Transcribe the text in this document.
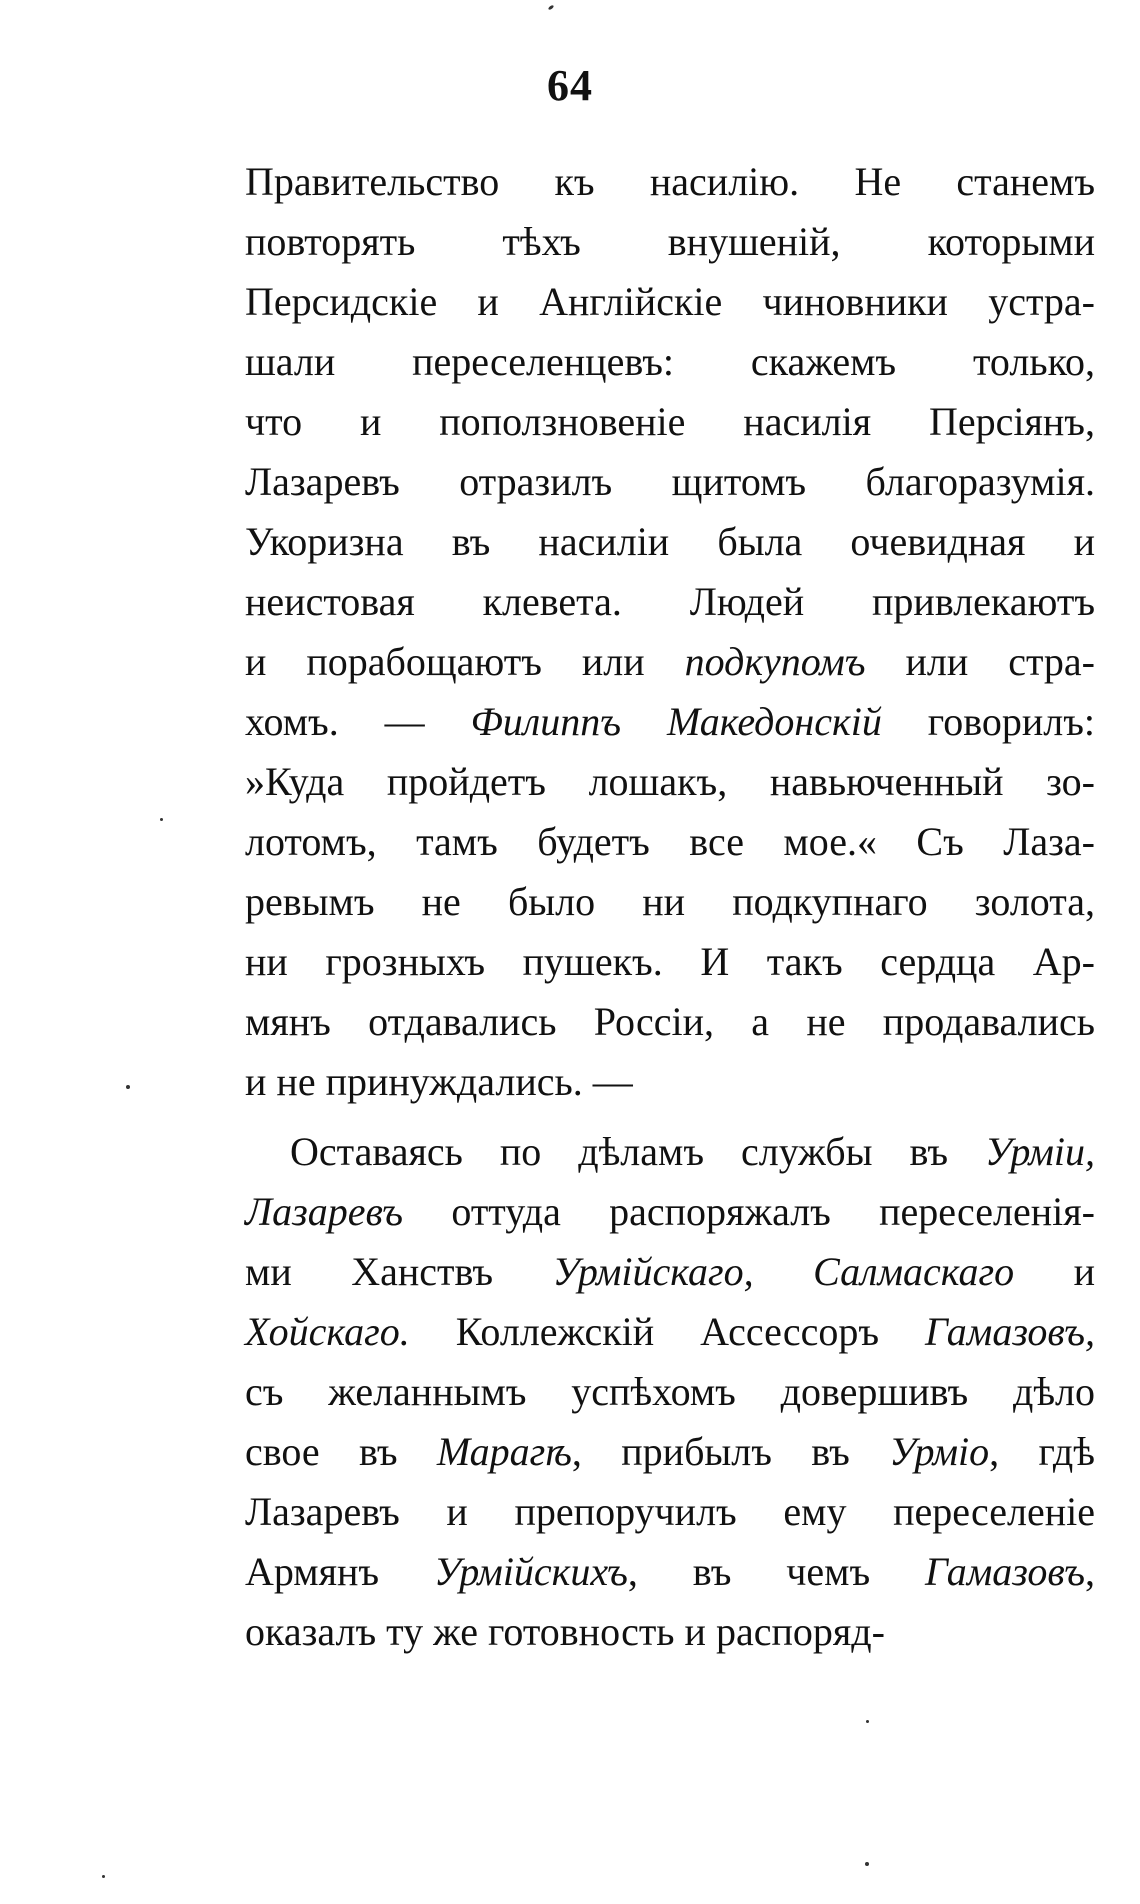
64
Правительство къ насилію. Не станемъ
повторять тѣхъ внушеній, которыми
Персидскіе и Англійскіе чиновники устра-
шали переселенцевъ: скажемъ только,
что и поползновеніе насилія Персіянъ,
Лазаревъ отразилъ щитомъ благоразумія.
Укоризна въ насиліи была очевидная и
неистовая клевета. Людей привлекаютъ
и порабощаютъ или подкупомъ или стра-
хомъ. — Филиппъ Македонскій говорилъ:
»Куда пройдетъ лошакъ, навьюченный зо-
лотомъ, тамъ будетъ все мое.« Съ Лаза-
ревымъ не было ни подкупнаго золота,
ни грозныхъ пушекъ. И такъ сердца Ар-
мянъ отдавались Россіи, а не продавались
и не принуждались. —
Оставаясь по дѣламъ службы въ Урміи,
Лазаревъ оттуда распоряжалъ переселенія-
ми Ханствъ Урмійскаго, Салмаскаго и
Хойскаго. Коллежскій Ассессоръ Гамазовъ,
съ желаннымъ успѣхомъ довершивъ дѣло
свое въ Марагѣ, прибылъ въ Урміо, гдѣ
Лазаревъ и препоручилъ ему переселеніе
Армянъ Урмійскихъ, въ чемъ Гамазовъ,
оказалъ ту же готовность и распоряд-
